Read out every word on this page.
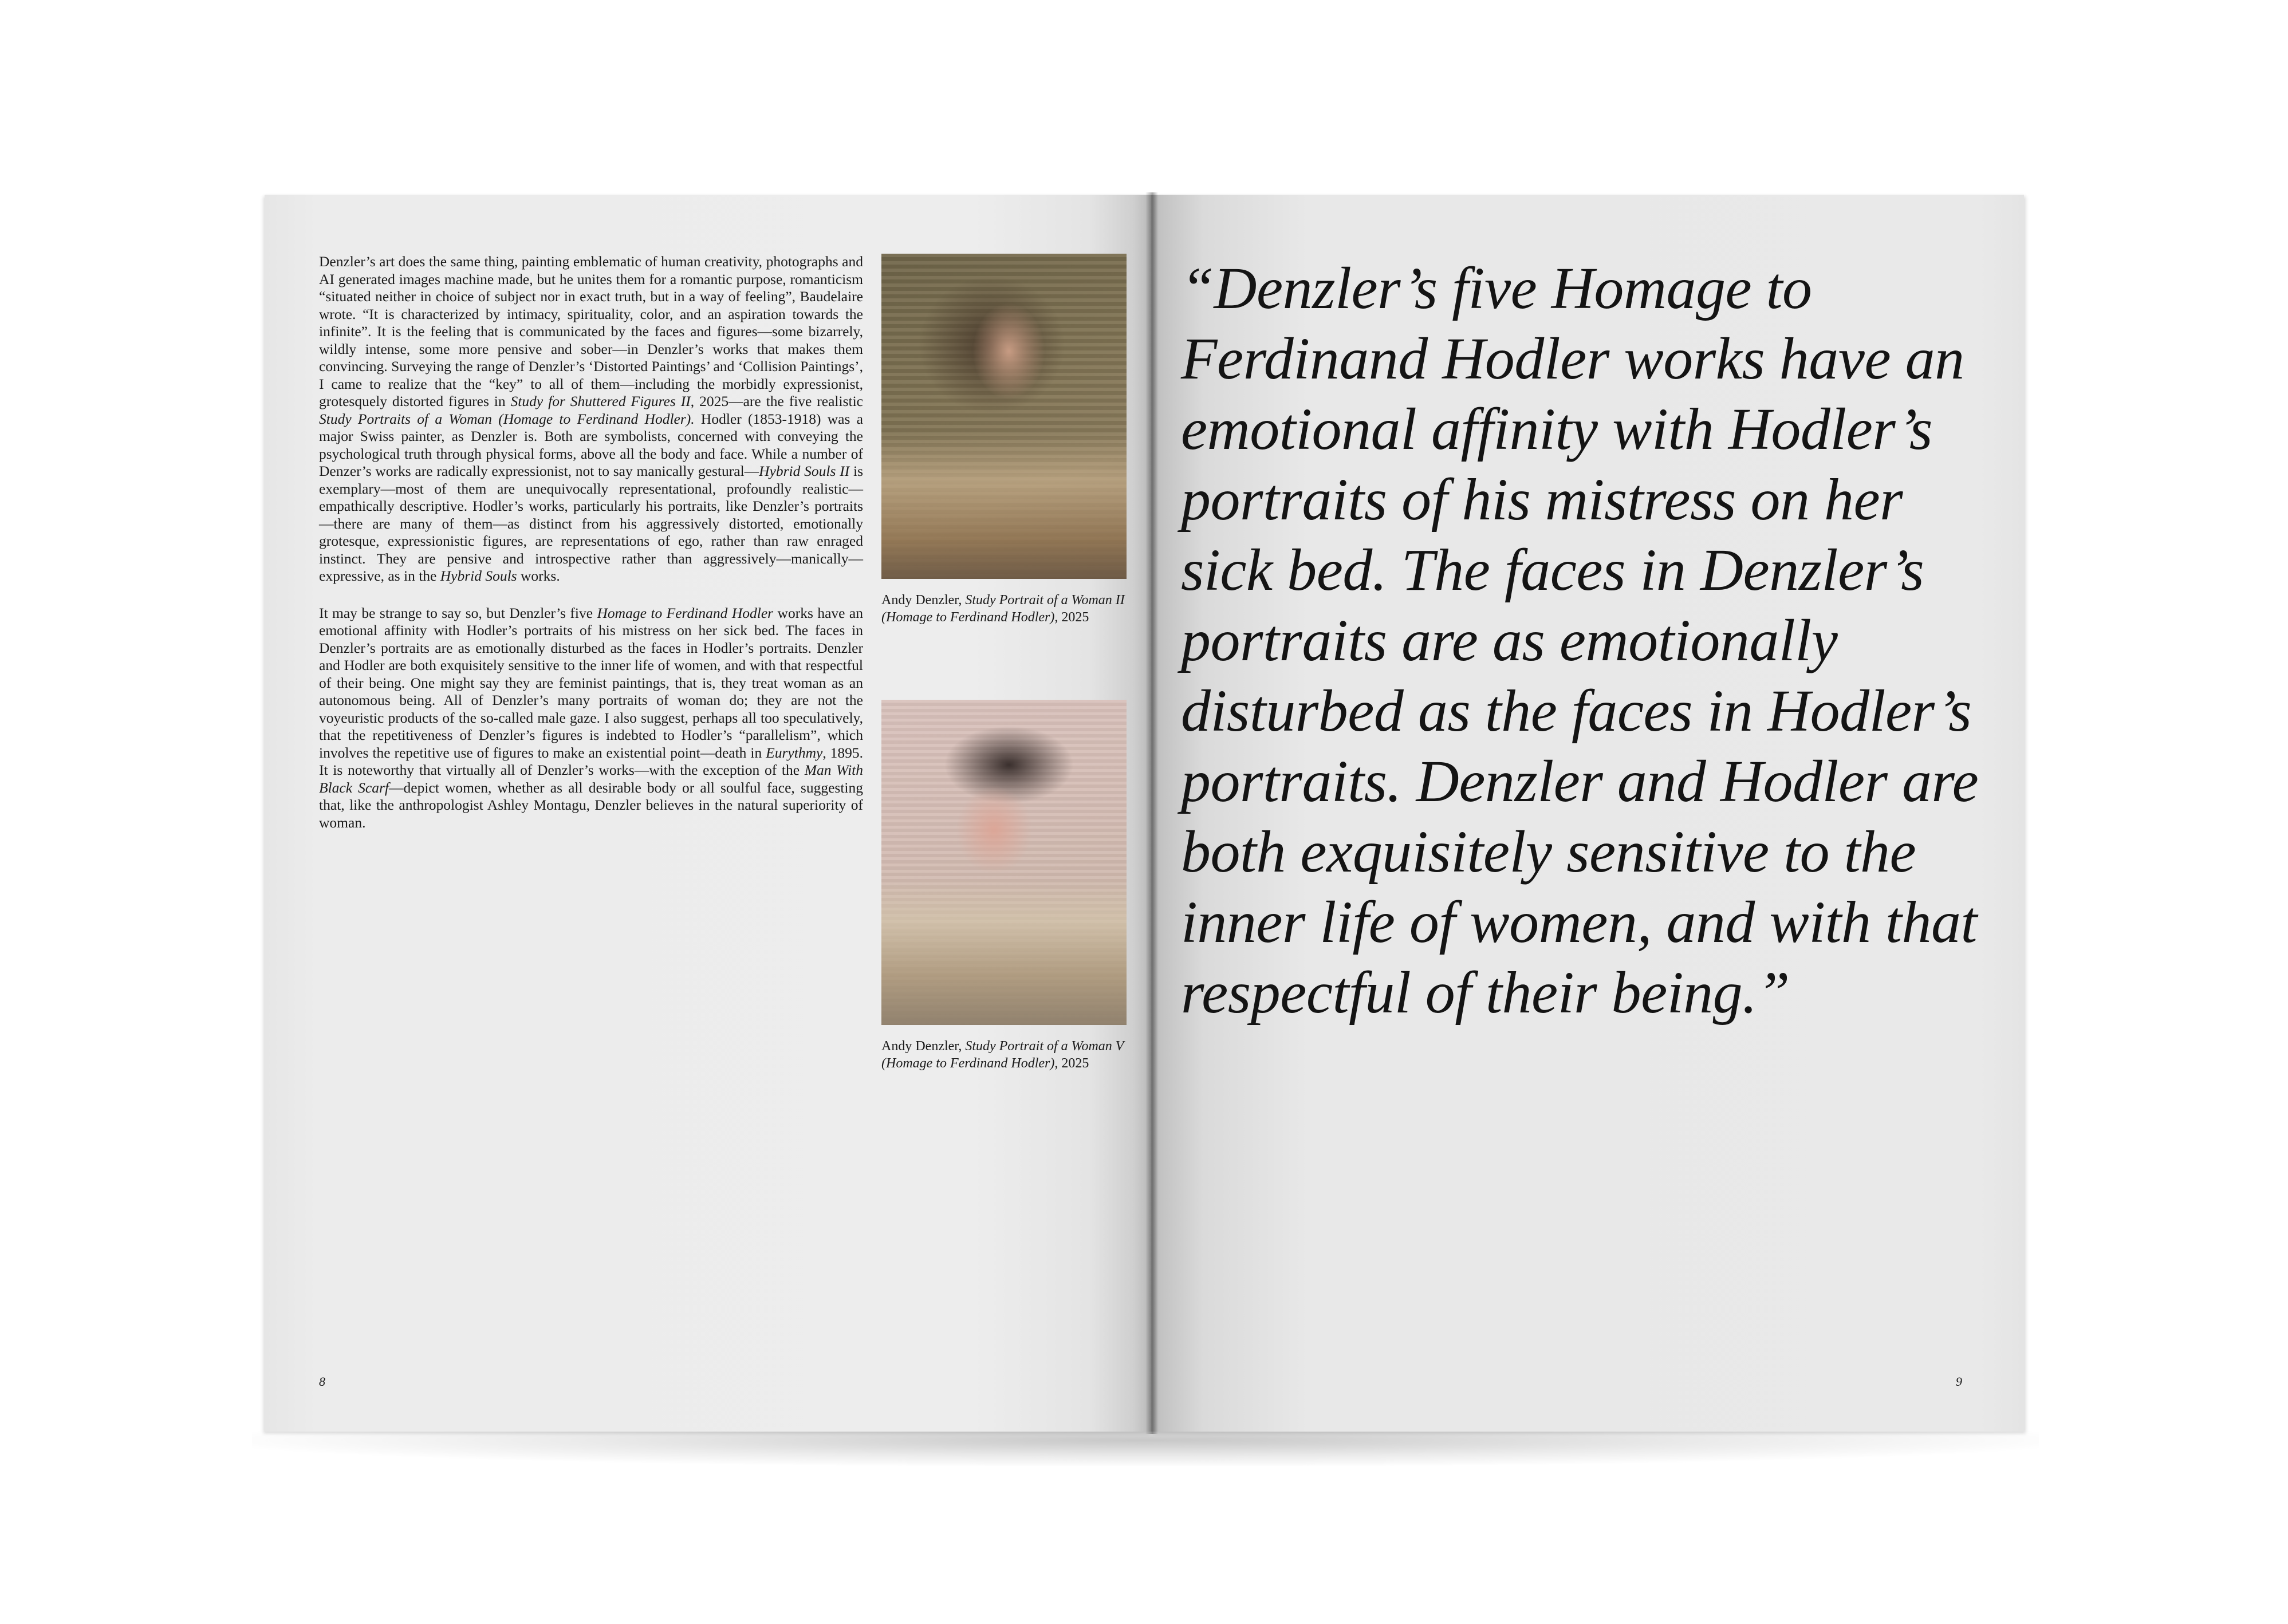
Denzler’s art does the same thing, painting emblematic of human creativity, photographs and AI generated images machine made, but he unites them for a romantic purpose, romanticism “situated neither in choice of subject nor in exact truth, but in a way of feeling”, Baudelaire wrote. “It is characterized by intimacy, spirituality, color, and an aspiration towards the infinite”. It is the feeling that is communicated by the faces and figures—some bizarrely, wildly intense, some more pensive and sober—in Denzler’s works that makes them convincing. Surveying the range of Denzler’s ‘Distorted Paintings’ and ‘Collision Paintings’, I came to realize that the “key” to all of them—including the morbidly expressionist, grotesquely distorted figures in Study for Shuttered Figures II, 2025—are the five realistic Study Portraits of a Woman (Homage to Ferdinand Hodler). Hodler (1853-1918) was a major Swiss painter, as Denzler is. Both are symbolists, concerned with conveying the psychological truth through physical forms, above all the body and face. While a number of Denzer’s works are radically expressionist, not to say manically gestural—Hybrid Souls II is exemplary—most of them are unequivocally representational, profoundly realistic—empathically descriptive. Hodler’s works, particularly his portraits, like Denzler’s portraits—there are many of them—as distinct from his aggressively distorted, emotionally grotesque, expressionistic figures, are representations of ego, rather than raw enraged instinct. They are pensive and introspective rather than aggressively—manically—expressive, as in the Hybrid Souls works.

It may be strange to say so, but Denzler’s five Homage to Ferdinand Hodler works have an emotional affinity with Hodler’s portraits of his mistress on her sick bed. The faces in Denzler’s portraits are as emotionally disturbed as the faces in Hodler’s portraits. Denzler and Hodler are both exquisitely sensitive to the inner life of women, and with that respectful of their being. One might say they are feminist paintings, that is, they treat woman as an autonomous being. All of Denzler’s many portraits of woman do; they are not the voyeuristic products of the so-called male gaze. I also suggest, perhaps all too speculatively, that the repetitiveness of Denzler’s figures is indebted to Hodler’s “parallelism”, which involves the repetitive use of figures to make an existential point—death in Eurythmy, 1895. It is noteworthy that virtually all of Denzler’s works—with the exception of the Man With Black Scarf—depict women, whether as all desirable body or all soulful face, suggesting that, like the anthropologist Ashley Montagu, Denzler believes in the natural superiority of woman.

Andy Denzler, Study Portrait of a Woman II (Homage to Ferdinand Hodler), 2025
Andy Denzler, Study Portrait of a Woman V (Homage to Ferdinand Hodler), 2025
8
“Denzler’s five Homage to Ferdinand Hodler works have an emotional affinity with Hodler’s portraits of his mistress on her sick bed. The faces in Denzler’s portraits are as emotionally disturbed as the faces in Hodler’s portraits. Denzler and Hodler are both exquisitely sensitive to the inner life of women, and with that respectful of their being.”
9
